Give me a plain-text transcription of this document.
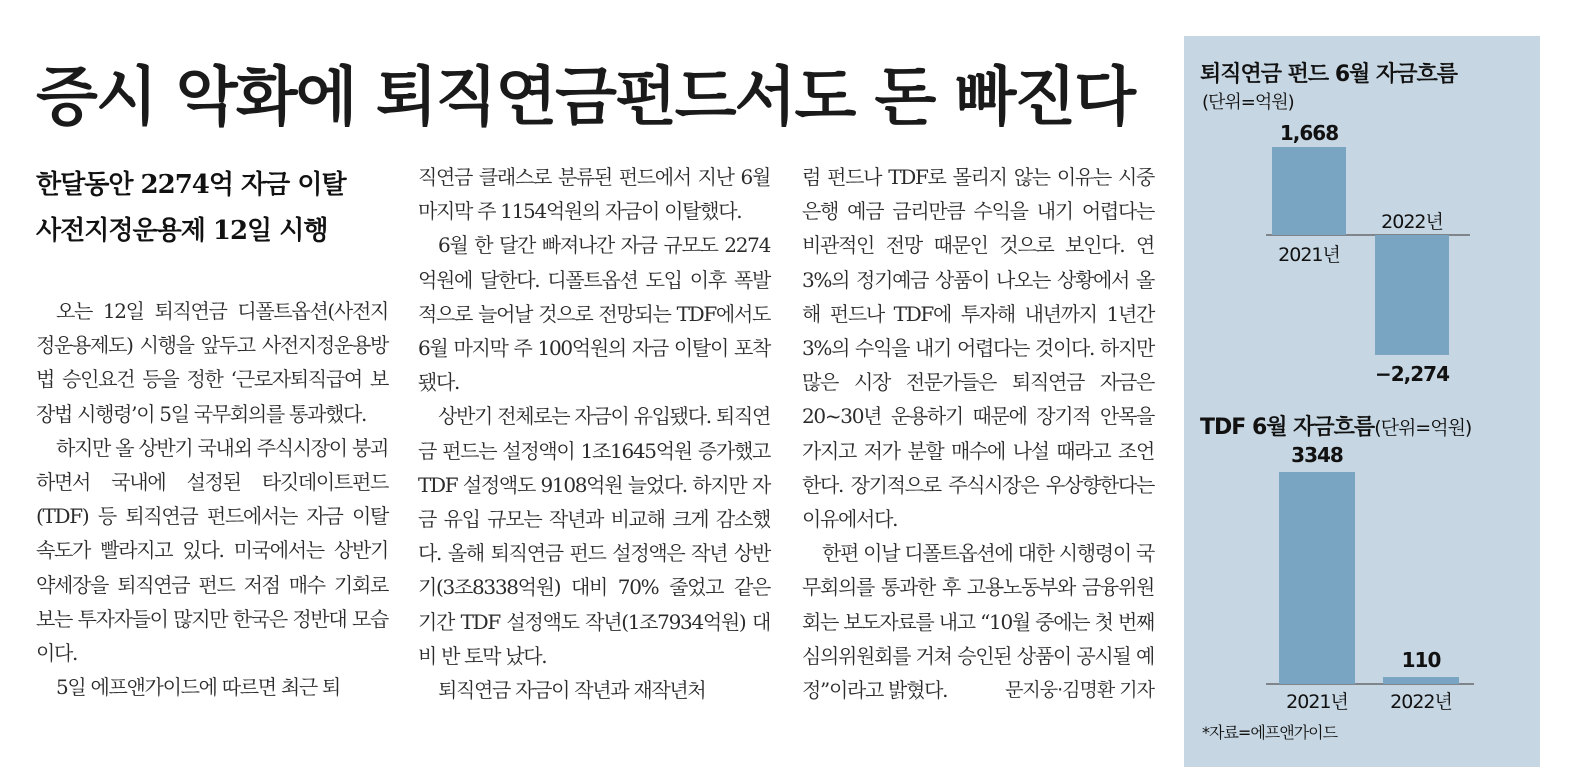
증시 악화에 퇴직연금펀드서도 돈 빠진다
한달동안 2274억 자금 이탈
사전지정운용제 12일 시행

오는 12일 퇴직연금 디폴트옵션(사전지정운용제도) 시행을 앞두고 사전지정운용방법 승인요건 등을 정한 ‘근로자퇴직급여 보장법 시행령’이 5일 국무회의를 통과했다.

하지만 올 상반기 국내외 주식시장이 붕괴하면서 국내에 설정된 타깃데이트펀드(TDF) 등 퇴직연금 펀드에서는 자금 이탈 속도가 빨라지고 있다. 미국에서는 상반기 약세장을 퇴직연금 펀드 저점 매수 기회로 보는 투자자들이 많지만 한국은 정반대 모습이다.

5일 에프앤가이드에 따르면 최근 퇴

직연금 클래스로 분류된 펀드에서 지난 6월 마지막 주 1154억원의 자금이 이탈했다.

6월 한 달간 빠져나간 자금 규모도 2274억원에 달한다. 디폴트옵션 도입 이후 폭발적으로 늘어날 것으로 전망되는 TDF에서도 6월 마지막 주 100억원의 자금 이탈이 포착됐다.

상반기 전체로는 자금이 유입됐다. 퇴직연금 펀드는 설정액이 1조1645억원 증가했고 TDF 설정액도 9108억원 늘었다. 하지만 자금 유입 규모는 작년과 비교해 크게 감소했다. 올해 퇴직연금 펀드 설정액은 작년 상반기(3조8338억원) 대비 70% 줄었고 같은 기간 TDF 설정액도 작년(1조7934억원) 대비 반 토막 났다.

퇴직연금 자금이 작년과 재작년처

럼 펀드나 TDF로 몰리지 않는 이유는 시중은행 예금 금리만큼 수익을 내기 어렵다는 비관적인 전망 때문인 것으로 보인다. 연 3%의 정기예금 상품이 나오는 상황에서 올해 펀드나 TDF에 투자해 내년까지 1년간 3%의 수익을 내기 어렵다는 것이다. 하지만 많은 시장 전문가들은 퇴직연금 자금은 20~30년 운용하기 때문에 장기적 안목을 가지고 저가 분할 매수에 나설 때라고 조언한다. 장기적으로 주식시장은 우상향한다는 이유에서다.

한편 이날 디폴트옵션에 대한 시행령이 국무회의를 통과한 후 고용노동부와 금융위원회는 보도자료를 내고 “10월 중에는 첫 번째 심의위원회를 거쳐 승인된 상품이 공시될 예정”이라고 밝혔다.	문지웅·김명환 기자

퇴직연금 펀드 6월 자금흐름
(단위=억원)
1,668
2021년
−2,274
2022년
TDF 6월 자금흐름(단위=억원)
3348
2021년
110
2022년
*자료=에프앤가이드
